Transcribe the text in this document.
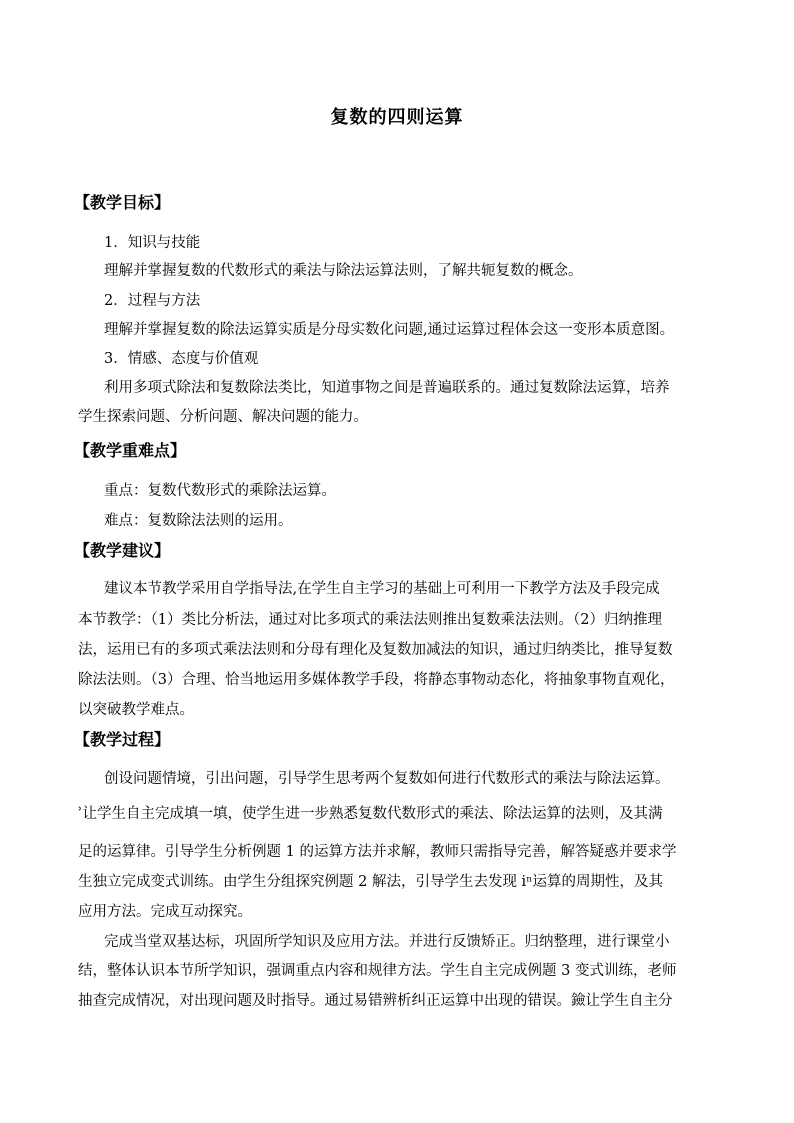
复数的四则运算
【教学目标】
1．知识与技能
理解并掌握复数的代数形式的乘法与除法运算法则，了解共轭复数的概念。
2．过程与方法
理解并掌握复数的除法运算实质是分母实数化问题,通过运算过程体会这一变形本质意图。
3．情感、态度与价值观
利用多项式除法和复数除法类比，知道事物之间是普遍联系的。通过复数除法运算，培养
学生探索问题、分析问题、解决问题的能力。
【教学重难点】
重点：复数代数形式的乘除法运算。
难点：复数除法法则的运用。
【教学建议】
建议本节教学采用自学指导法,在学生自主学习的基础上可利用一下教学方法及手段完成
本节教学：（1）类比分析法，通过对比多项式的乘法法则推出复数乘法法则。（2）归纳推理
法，运用已有的多项式乘法法则和分母有理化及复数加减法的知识，通过归纳类比，推导复数
除法法则。（3）合理、恰当地运用多媒体教学手段，将静态事物动态化，将抽象事物直观化，
以突破教学难点。
【教学过程】
创设问题情境，引出问题，引导学生思考两个复数如何进行代数形式的乘法与除法运算。
ʾ让学生自主完成填一填，使学生进一步熟悉复数代数形式的乘法、除法运算的法则，及其满
足的运算律。引导学生分析例题 1 的运算方法并求解，教师只需指导完善，解答疑惑并要求学
生独立完成变式训练。由学生分组探究例题 2 解法，引导学生去发现 iⁿ运算的周期性，及其
应用方法。完成互动探究。
完成当堂双基达标，巩固所学知识及应用方法。并进行反馈矫正。归纳整理，进行课堂小
结，整体认识本节所学知识，强调重点内容和规律方法。学生自主完成例题 3 变式训练，老师
抽查完成情况，对出现问题及时指导。通过易错辨析纠正运算中出现的错误。鐱让学生自主分
